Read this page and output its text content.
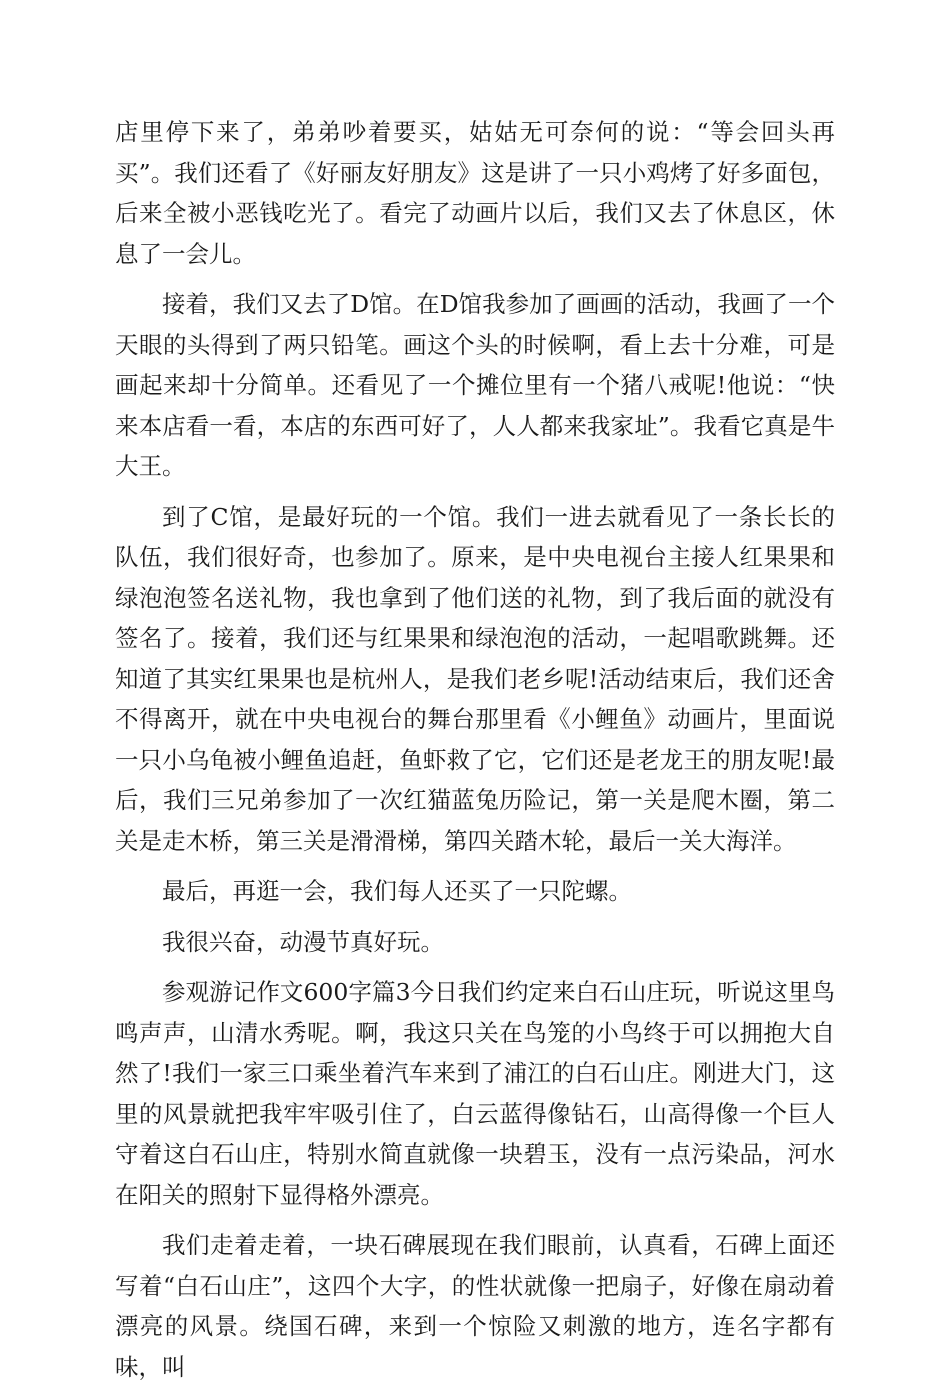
店里停下来了，弟弟吵着要买，姑姑无可奈何的说：“等会回头再买”。我们还看了《好丽友好朋友》这是讲了一只小鸡烤了好多面包，后来全被小恶钱吃光了。看完了动画片以后，我们又去了休息区，休息了一会儿。

接着，我们又去了D馆。在D馆我参加了画画的活动，我画了一个天眼的头得到了两只铅笔。画这个头的时候啊，看上去十分难，可是画起来却十分简单。还看见了一个摊位里有一个猪八戒呢!他说：“快来本店看一看，本店的东西可好了，人人都来我家址”。我看它真是牛大王。

到了C馆，是最好玩的一个馆。我们一进去就看见了一条长长的队伍，我们很好奇，也参加了。原来，是中央电视台主接人红果果和绿泡泡签名送礼物，我也拿到了他们送的礼物，到了我后面的就没有签名了。接着，我们还与红果果和绿泡泡的活动，一起唱歌跳舞。还知道了其实红果果也是杭州人，是我们老乡呢!活动结束后，我们还舍不得离开，就在中央电视台的舞台那里看《小鲤鱼》动画片，里面说一只小乌龟被小鲤鱼追赶，鱼虾救了它，它们还是老龙王的朋友呢!最后，我们三兄弟参加了一次红猫蓝兔历险记，第一关是爬木圈，第二关是走木桥，第三关是滑滑梯，第四关踏木轮，最后一关大海洋。

最后，再逛一会，我们每人还买了一只陀螺。

我很兴奋，动漫节真好玩。

参观游记作文600字篇3今日我们约定来白石山庄玩，听说这里鸟鸣声声，山清水秀呢。啊，我这只关在鸟笼的小鸟终于可以拥抱大自然了!我们一家三口乘坐着汽车来到了浦江的白石山庄。刚进大门，这里的风景就把我牢牢吸引住了，白云蓝得像钻石，山高得像一个巨人守着这白石山庄，特别水简直就像一块碧玉，没有一点污染品，河水在阳关的照射下显得格外漂亮。

我们走着走着，一块石碑展现在我们眼前，认真看，石碑上面还写着“白石山庄”，这四个大字，的性状就像一把扇子，好像在扇动着漂亮的风景。绕国石碑，来到一个惊险又刺激的地方，连名字都有味，叫
